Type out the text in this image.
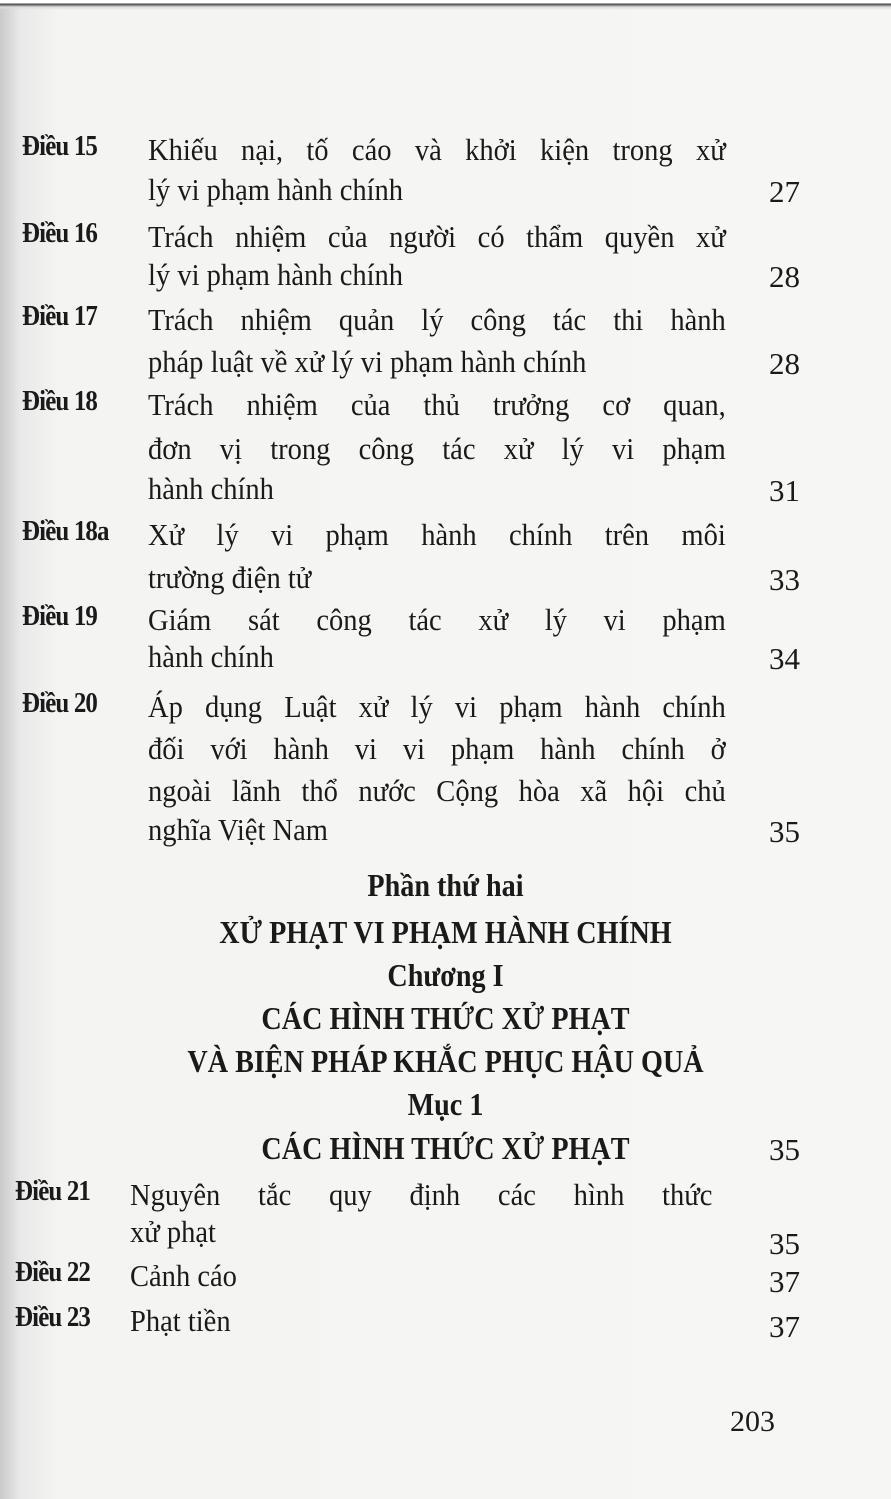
Điều 15 Khiếu nại, tố cáo và khởi kiện trong xử
lý vi phạm hành chính	27
Điều 16 Trách nhiệm của người có thẩm quyền xử
lý vi phạm hành chính	28
Điều 17 Trách nhiệm quản lý công tác thi hành
pháp luật về xử lý vi phạm hành chính	28
Điều 18 Trách nhiệm của thủ trưởng cơ quan,
đơn vị trong công tác xử lý vi phạm
hành chính	31
Điều 18a Xử lý vi phạm hành chính trên môi
trường điện tử	33
Điều 19 Giám sát công tác xử lý vi phạm
hành chính	34
Điều 20 Áp dụng Luật xử lý vi phạm hành chính
đối với hành vi vi phạm hành chính ở
ngoài lãnh thổ nước Cộng hòa xã hội chủ
nghĩa Việt Nam	35
Phần thứ hai
XỬ PHẠT VI PHẠM HÀNH CHÍNH
Chương I
CÁC HÌNH THỨC XỬ PHẠT
VÀ BIỆN PHÁP KHẮC PHỤC HẬU QUẢ
Mục 1
CÁC HÌNH THỨC XỬ PHẠT	35
Điều 21 Nguyên tắc quy định các hình thức
xử phạt	35
Điều 22 Cảnh cáo	37
Điều 23 Phạt tiền	37
203
